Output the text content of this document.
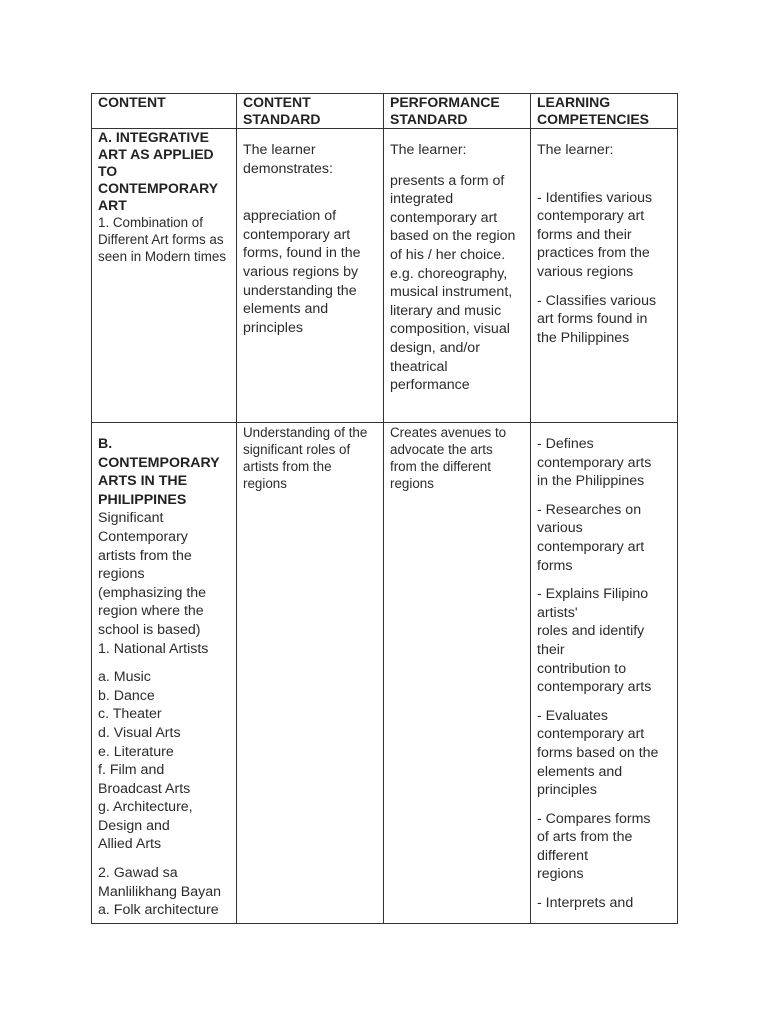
CONTENT	CONTENT
STANDARD
PERFORMANCE
STANDARD
LEARNING
COMPETENCIES
A. INTEGRATIVE
ART AS APPLIED TO
CONTEMPORARY
ART
1. Combination of
Different Art forms as
seen in Modern times
The learner
demonstrates:
appreciation of
contemporary art
forms, found in the
various regions by
understanding the
elements and
principles
The learner:
presents a form of
integrated
contemporary art
based on the region
of his / her choice.
e.g. choreography,
musical instrument,
literary and music
composition, visual
design, and/or
theatrical
performance
The learner:
- Identifies various
contemporary art
forms and their
practices from the
various regions
- Classifies various
art forms found in
the Philippines
B.
CONTEMPORARY
ARTS IN THE
PHILIPPINES
Significant
Contemporary
artists from the
regions
(emphasizing the
region where the
school is based)
1. National Artists
a. Music
b. Dance
c. Theater
d. Visual Arts
e. Literature
f. Film and
Broadcast Arts
g. Architecture,
Design and
Allied Arts
2. Gawad sa
Manlilikhang Bayan
a. Folk architecture
Understanding of the
significant roles of
artists from the
regions
Creates avenues to
advocate the arts
from the different
regions
- Defines
contemporary arts
in the Philippines
- Researches on
various
contemporary art
forms
- Explains Filipino
artists'
roles and identify
their
contribution to
contemporary arts
- Evaluates
contemporary art
forms based on the
elements and
principles
- Compares forms
of arts from the
different
regions
- Interprets and
